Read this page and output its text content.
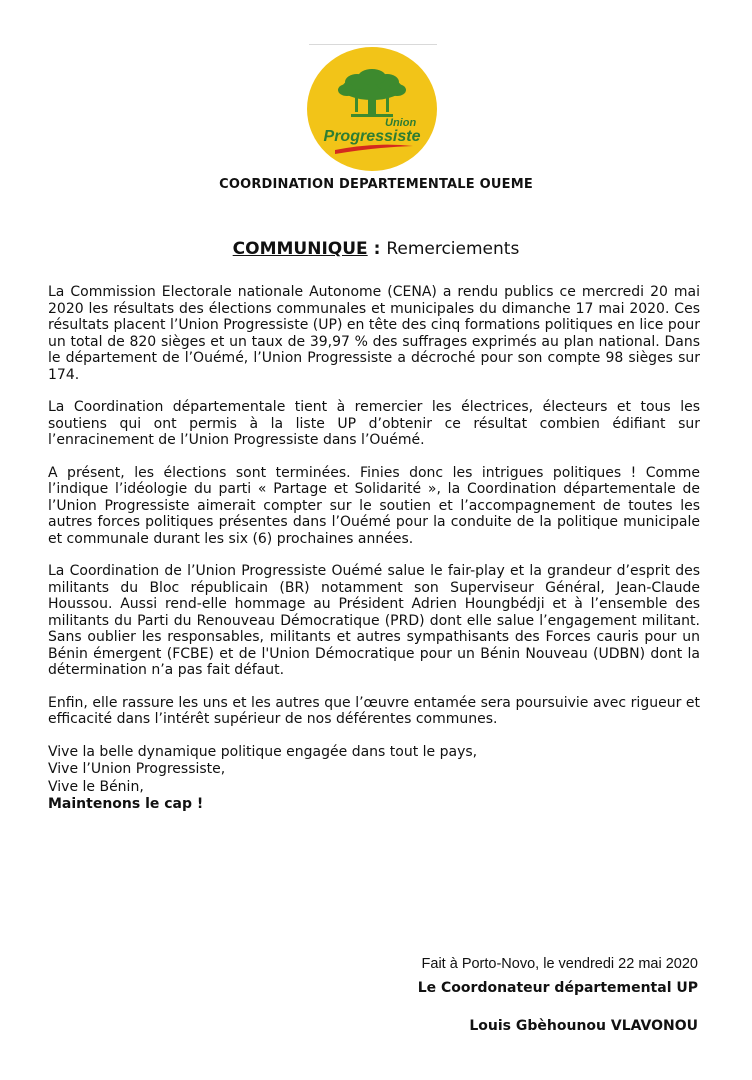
Union
Progressiste
COORDINATION DEPARTEMENTALE OUEME
COMMUNIQUE : Remerciements

La Commission Electorale nationale Autonome (CENA) a rendu publics ce mercredi 20 mai 2020 les résultats des élections communales et municipales du dimanche 17 mai 2020. Ces résultats placent l’Union Progressiste (UP) en tête des cinq formations politiques en lice pour un total de 820 sièges et un taux de 39,97 % des suffrages exprimés au plan national. Dans le département de l’Ouémé, l’Union Progressiste a décroché pour son compte 98 sièges sur 174.

La Coordination départementale tient à remercier les électrices, électeurs et tous les soutiens qui ont permis à la liste UP d’obtenir ce résultat combien édifiant sur l’enracinement de l’Union Progressiste dans l’Ouémé.

A présent, les élections sont terminées. Finies donc les intrigues politiques ! Comme l’indique l’idéologie du parti « Partage et Solidarité », la Coordination départementale de l’Union Progressiste aimerait compter sur le soutien et l’accompagnement de toutes les autres forces politiques présentes dans l’Ouémé pour la conduite de la politique municipale et communale durant les six (6) prochaines années.

La Coordination de l’Union Progressiste Ouémé salue le fair-play et la grandeur d’esprit des militants du Bloc républicain (BR) notamment son Superviseur Général, Jean-Claude Houssou. Aussi rend-elle hommage au Président Adrien Houngbédji et à l’ensemble des militants du Parti du Renouveau Démocratique (PRD) dont elle salue l’engagement militant. Sans oublier les responsables, militants et autres sympathisants des Forces cauris pour un Bénin émergent (FCBE) et de l'Union Démocratique pour un Bénin Nouveau (UDBN) dont la détermination n’a pas fait défaut.

Enfin, elle rassure les uns et les autres que l’œuvre entamée sera poursuivie avec rigueur et efficacité dans l’intérêt supérieur de nos déférentes communes.

Vive la belle dynamique politique engagée dans tout le pays,
Vive l’Union Progressiste,
Vive le Bénin,
Maintenons le cap !
Fait à Porto-Novo, le vendredi 22 mai 2020
Le Coordonateur départemental UP
Louis Gbèhounou VLAVONOU
